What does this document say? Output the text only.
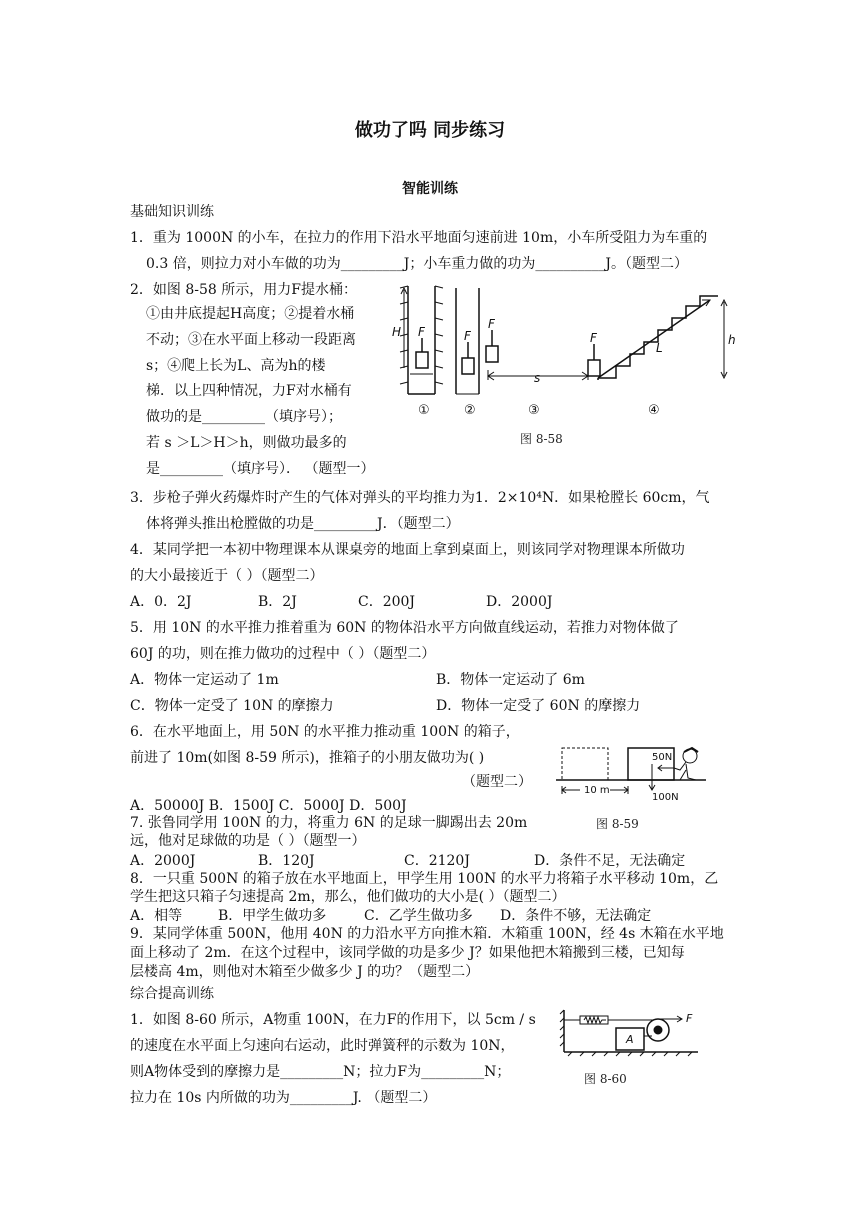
做功了吗 同步练习
智能训练
基础知识训练
1．重为 1000N 的小车，在拉力的作用下沿水平地面匀速前进 10m，小车所受阻力为车重的
0.3 倍，则拉力对小车做的功为_________J；小车重力做的功为__________J。（题型二）
2．如图 8-58 所示，用力F提水桶：
①由井底提起H高度；②提着水桶
不动；③在水平面上移动一段距离
s；④爬上长为L、高为h的楼
梯．以上四种情况，力F对水桶有
做功的是_________（填序号）；
若 s ＞L＞H＞h，则做功最多的
是_________（填序号）． （题型一）
H F	F
F
F
s
L
h
①	②	③	④
图 8-58
3．步枪子弹火药爆炸时产生的气体对弹头的平均推力为1．2×10⁴N．如果枪膛长 60cm，气
体将弹头推出枪膛做的功是_________J．（题型二）
4．某同学把一本初中物理课本从课桌旁的地面上拿到桌面上，则该同学对物理课本所做功
的大小最接近于（ ）（题型二）
A．0．2J	B．2J	C．200J	D．2000J
5．用 10N 的水平推力推着重为 60N 的物体沿水平方向做直线运动，若推力对物体做了
60J 的功，则在推力做功的过程中（ ）（题型二）
A．物体一定运动了 1m	B．物体一定运动了 6m
C．物体一定受了 10N 的摩擦力	D．物体一定受了 60N 的摩擦力
6．在水平地面上，用 50N 的水平推力推动重 100N 的箱子，
前进了 10m(如图 8-59 所示)，推箱子的小朋友做功为( )
（题型二）
A．50000J B．1500J C．5000J D．500J
50N
100N
10 m
图 8-59
7. 张鲁同学用 100N 的力，将重力 6N 的足球一脚踢出去 20m
远，他对足球做的功是（ ）（题型一）
A．2000J	B．120J	C．2120J	D．条件不足，无法确定
8．一只重 500N 的箱子放在水平地面上，甲学生用 100N 的水平力将箱子水平移动 10m，乙
学生把这只箱子匀速提高 2m，那么，他们做功的大小是( ）（题型二）
A．相等	B．甲学生做功多	C．乙学生做功多 D．条件不够，无法确定
9．某同学体重 500N，他用 40N 的力沿水平方向推木箱．木箱重 100N，经 4s 木箱在水平地
面上移动了 2m．在这个过程中，该同学做的功是多少 J？如果他把木箱搬到三楼，已知每
层楼高 4m，则他对木箱至少做多少 J 的功？（题型二）
综合提高训练
1．如图 8-60 所示，A物重 100N，在力F的作用下，以 5cm / s
的速度在水平面上匀速向右运动，此时弹簧秤的示数为 10N，
则A物体受到的摩擦力是_________N；拉力F为_________N；
拉力在 10s 内所做的功为_________J. （题型二）
A
F
图 8-60
